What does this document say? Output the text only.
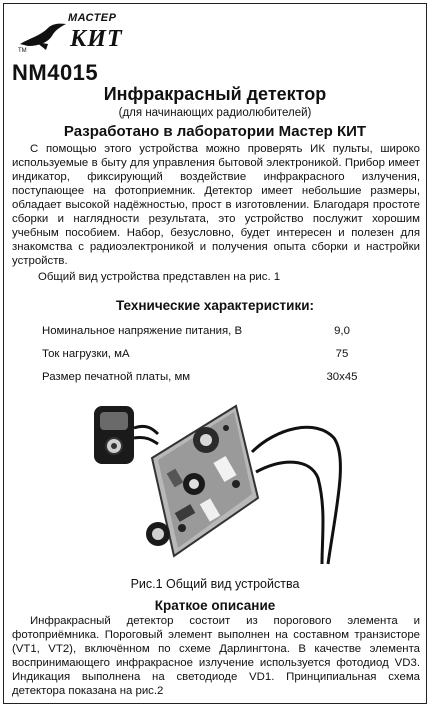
TM
МАСТЕР
КИТ
NM4015
Инфракрасный детектор
(для начинающих радиолюбителей)
Разработано в лаборатории Мастер КИТ
С помощью этого устройства можно проверять ИК пульты, широко используемые в быту для управления бытовой электроникой. Прибор имеет индикатор, фиксирующий воздействие инфракрасного излучения, поступающее на фотоприемник. Детектор имеет небольшие размеры, обладает высокой надёжностью, прост в изготовлении. Благодаря простоте сборки и наглядности результата, это устройство послужит хорошим учебным пособием. Набор, безусловно, будет интересен и полезен для знакомства с радиоэлектроникой и получения опыта сборки и настройки устройств.
Общий вид устройства представлен на рис. 1
Технические характеристики:
Номинальное напряжение питания, В	9,0
Ток нагрузки, мА	75
Размер печатной платы, мм	30x45
Рис.1 Общий вид устройства
Краткое описание
Инфракрасный детектор состоит из порогового элемента и фотоприёмника. Пороговый элемент выполнен на составном транзисторе (VT1, VT2), включённом по схеме Дарлингтона. В качестве элемента воспринимающего инфракрасное излучение используется фотодиод VD3. Индикация выполнена на светодиоде VD1. Принципиальная схема детектора показана на рис.2
